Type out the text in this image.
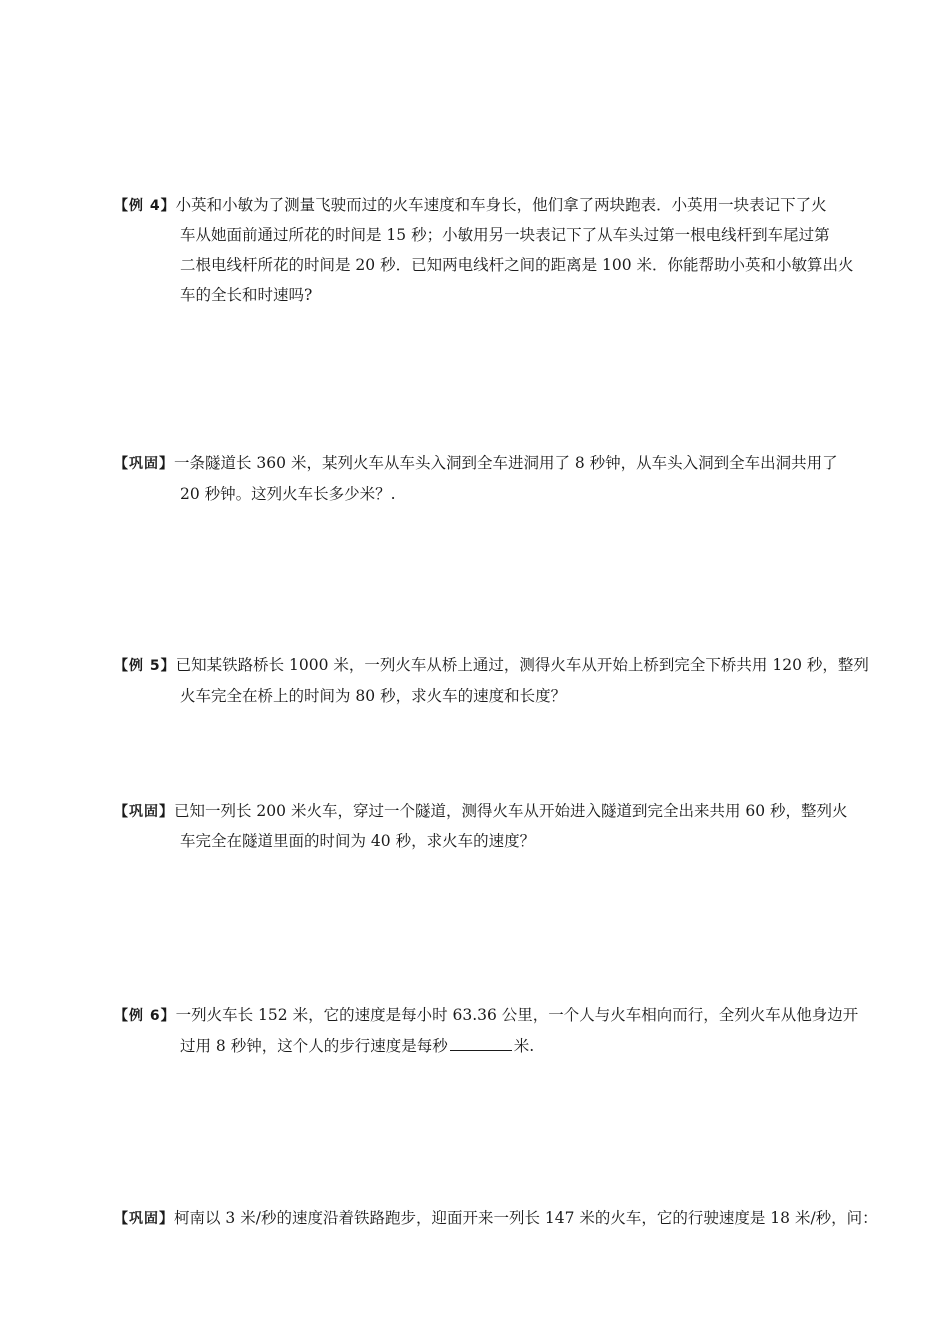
【例 4】小英和小敏为了测量飞驶而过的火车速度和车身长，他们拿了两块跑表．小英用一块表记下了火
车从她面前通过所花的时间是 15 秒；小敏用另一块表记下了从车头过第一根电线杆到车尾过第
二根电线杆所花的时间是 20 秒．已知两电线杆之间的距离是 100 米．你能帮助小英和小敏算出火
车的全长和时速吗?
【巩固】一条隧道长 360 米，某列火车从车头入洞到全车进洞用了 8 秒钟，从车头入洞到全车出洞共用了
20 秒钟。这列火车长多少米？.
【例 5】已知某铁路桥长 1000 米，一列火车从桥上通过，测得火车从开始上桥到完全下桥共用 120 秒，整列
火车完全在桥上的时间为 80 秒，求火车的速度和长度？
【巩固】已知一列长 200 米火车，穿过一个隧道，测得火车从开始进入隧道到完全出来共用 60 秒，整列火
车完全在隧道里面的时间为 40 秒，求火车的速度？
【例 6】一列火车长 152 米，它的速度是每小时 63.36 公里，一个人与火车相向而行，全列火车从他身边开
过用 8 秒钟，这个人的步行速度是每秒	米.
【巩固】柯南以 3 米/秒的速度沿着铁路跑步，迎面开来一列长 147 米的火车，它的行驶速度是 18 米/秒，问：
